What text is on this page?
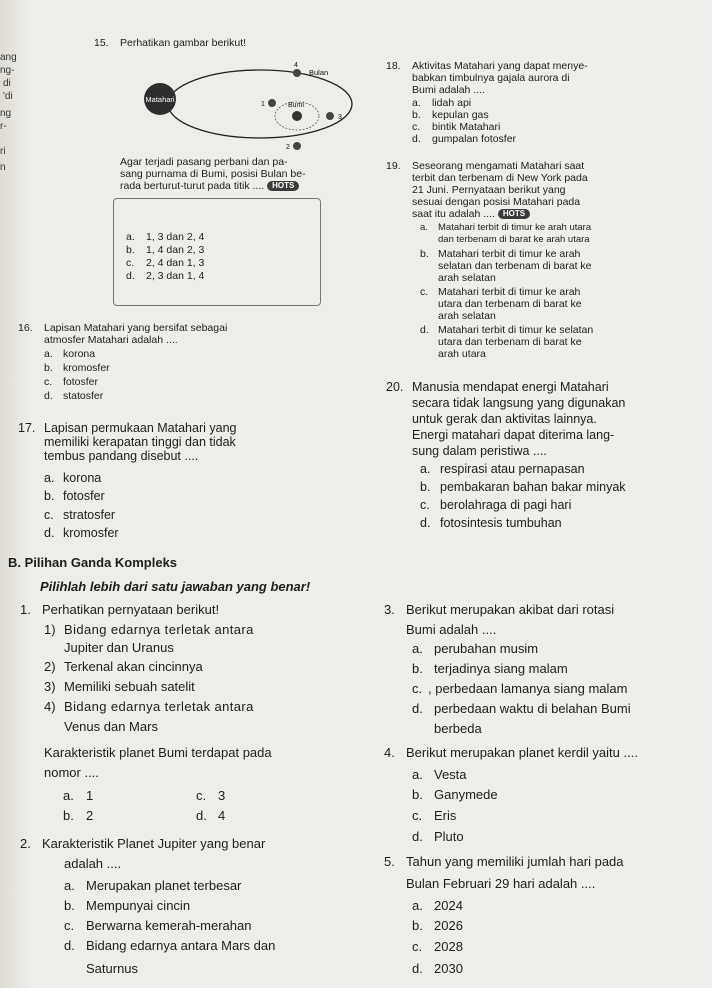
ang
ng-
di
'di
ng
r-
ri
n
15. Perhatikan gambar berikut!
Matahari
Bumi
4
Bulan
1
3
2
Agar terjadi pasang perbani dan pa-
sang purnama di Bumi, posisi Bulan be-
rada berturut-turut pada titik .... HOTS
a. 1, 3 dan 2, 4
b. 1, 4 dan 2, 3
c. 2, 4 dan 1, 3
d. 2, 3 dan 1, 4
16. Lapisan Matahari yang bersifat sebagai
atmosfer Matahari adalah ....
a. korona
b. kromosfer
c. fotosfer
d. statosfer
17. Lapisan permukaan Matahari yang
memiliki kerapatan tinggi dan tidak
tembus pandang disebut ....
a. korona
b. fotosfer
c. stratosfer
d. kromosfer
18. Aktivitas Matahari yang dapat menye-
babkan timbulnya gajala aurora di
Bumi adalah ....
a. lidah api
b. kepulan gas
c. bintik Matahari
d. gumpalan fotosfer
19. Seseorang mengamati Matahari saat
terbit dan terbenam di New York pada
21 Juni. Pernyataan berikut yang
sesuai dengan posisi Matahari pada
saat itu adalah .... HOTS
a. Matahari terbit di timur ke arah utara
dan terbenam di barat ke arah utara
b. Matahari terbit di timur ke arah
selatan dan terbenam di barat ke
arah selatan
c. Matahari terbit di timur ke arah
utara dan terbenam di barat ke
arah selatan
d. Matahari terbit di timur ke selatan
utara dan terbenam di barat ke
arah utara
20. Manusia mendapat energi Matahari
secara tidak langsung yang digunakan
untuk gerak dan aktivitas lainnya.
Energi matahari dapat diterima lang-
sung dalam peristiwa ....
a. respirasi atau pernapasan
b. pembakaran bahan bakar minyak
c. berolahraga di pagi hari
d. fotosintesis tumbuhan
B. Pilihan Ganda Kompleks
Pilihlah lebih dari satu jawaban yang benar!
1. Perhatikan pernyataan berikut!
1) Bidang edarnya terletak antara
Jupiter dan Uranus
2) Terkenal akan cincinnya
3) Memiliki sebuah satelit
4) Bidang edarnya terletak antara
Venus dan Mars
Karakteristik planet Bumi terdapat pada
nomor ....
a. 1	c. 3
b. 2	d. 4
2. Karakteristik Planet Jupiter yang benar
adalah ....
a. Merupakan planet terbesar
b. Mempunyai cincin
c. Berwarna kemerah-merahan
d. Bidang edarnya antara Mars dan
Saturnus
3. Berikut merupakan akibat dari rotasi
Bumi adalah ....
a. perubahan musim
b. terjadinya siang malam
c. , perbedaan lamanya siang malam
d. perbedaan waktu di belahan Bumi
berbeda
4. Berikut merupakan planet kerdil yaitu ....
a. Vesta
b. Ganymede
c. Eris
d. Pluto
5. Tahun yang memiliki jumlah hari pada
Bulan Februari 29 hari adalah ....
a. 2024
b. 2026
c. 2028
d. 2030
